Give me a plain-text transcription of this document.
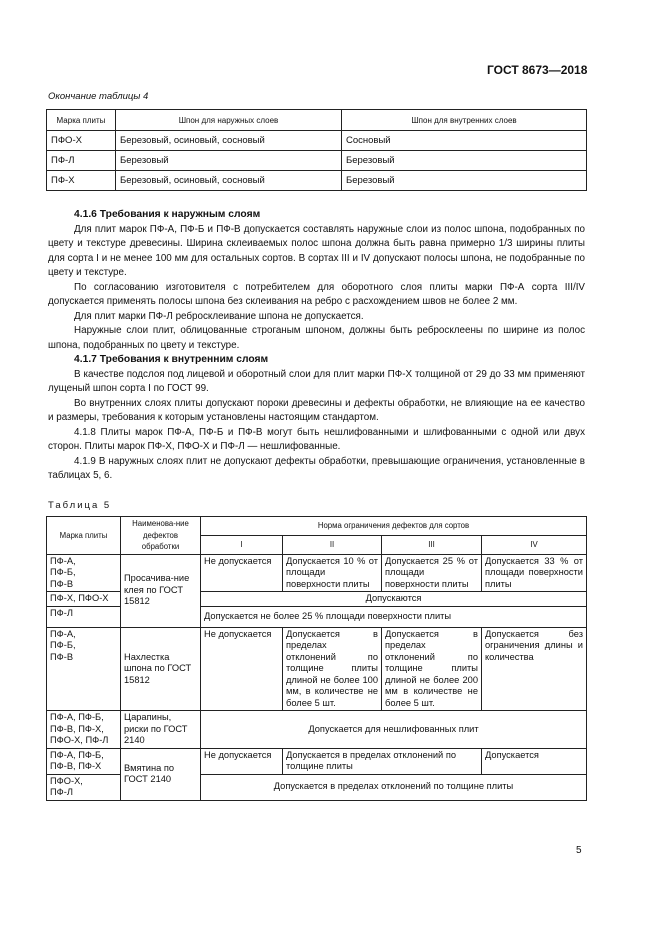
ГОСТ 8673—2018
Окончание таблицы 4
Марка плиты	Шпон для наружных слоев	Шпон для внутренних слоев
ПФО-Х	Березовый, осиновый, сосновый	Сосновый
ПФ-Л	Березовый	Березовый
ПФ-Х	Березовый, осиновый, сосновый	Березовый
4.1.6 Требования к наружным слоям

Для плит марок ПФ-А, ПФ-Б и ПФ-В допускается составлять наружные слои из полос шпона, подобранных по цвету и текстуре древесины. Ширина склеиваемых полос шпона должна быть равна примерно 1/3 ширины плиты для сорта I и не менее 100 мм для остальных сортов. В сортах III и IV допускают полосы шпона, не подобранные по цвету и текстуре.

По согласованию изготовителя с потребителем для оборотного слоя плиты марки ПФ-А сорта III/IV допускается применять полосы шпона без склеивания на ребро с расхождением швов не более 2 мм.

Для плит марки ПФ-Л ребросклеивание шпона не допускается.

Наружные слои плит, облицованные строганым шпоном, должны быть ребросклеены по ширине из полос шпона, подобранных по цвету и текстуре.

4.1.7 Требования к внутренним слоям

В качестве подслоя под лицевой и оборотный слои для плит марки ПФ-Х толщиной от 29 до 33 мм применяют лущеный шпон сорта I по ГОСТ 99.

Во внутренних слоях плиты допускают пороки древесины и дефекты обработки, не влияющие на ее качество и размеры, требования к которым установлены настоящим стандартом.

4.1.8 Плиты марок ПФ-А, ПФ-Б и ПФ-В могут быть нешлифованными и шлифованными с одной или двух сторон. Плиты марок ПФ-Х, ПФО-Х и ПФ-Л — нешлифованные.

4.1.9 В наружных слоях плит не допускают дефекты обработки, превышающие ограничения, установленные в таблицах 5, 6.

Таблица 5
Марка плиты	Наименова-ние дефектов обработки	Норма ограничения дефектов для сортов			
		I	II	III	IV
ПФ-А,
ПФ-Б,
ПФ-В	Просачива-ние клея по ГОСТ 15812	Не допускается	Допускается 10 % от площади поверхности плиты	Допускается 25 % от площади поверхности плиты	Допускается 33 % от площади поверхности плиты
ПФ-Х, ПФО-Х		Допускаются			
ПФ-Л		Допускается не более 25 % площади поверхности плиты			
ПФ-А,
ПФ-Б,
ПФ-В	Нахлестка шпона по ГОСТ 15812	Не допускается	Допускается в пределах отклонений по толщине плиты длиной не более 100 мм, в количестве не более 5 шт.	Допускается в пределах отклонений по толщине плиты длиной не более 200 мм в количестве не более 5 шт.	Допускается без ограничения длины и количества
ПФ-А, ПФ-Б, ПФ-В, ПФ-Х, ПФО-Х, ПФ-Л	Царапины, риски по ГОСТ 2140	Допускается для нешлифованных плит			
ПФ-А, ПФ-Б, ПФ-В, ПФ-Х	Вмятина по ГОСТ 2140	Не допускается	Допускается в пределах отклонений по толщине плиты		Допускается
ПФО-Х,
ПФ-Л		Допускается в пределах отклонений по толщине плиты			
5
